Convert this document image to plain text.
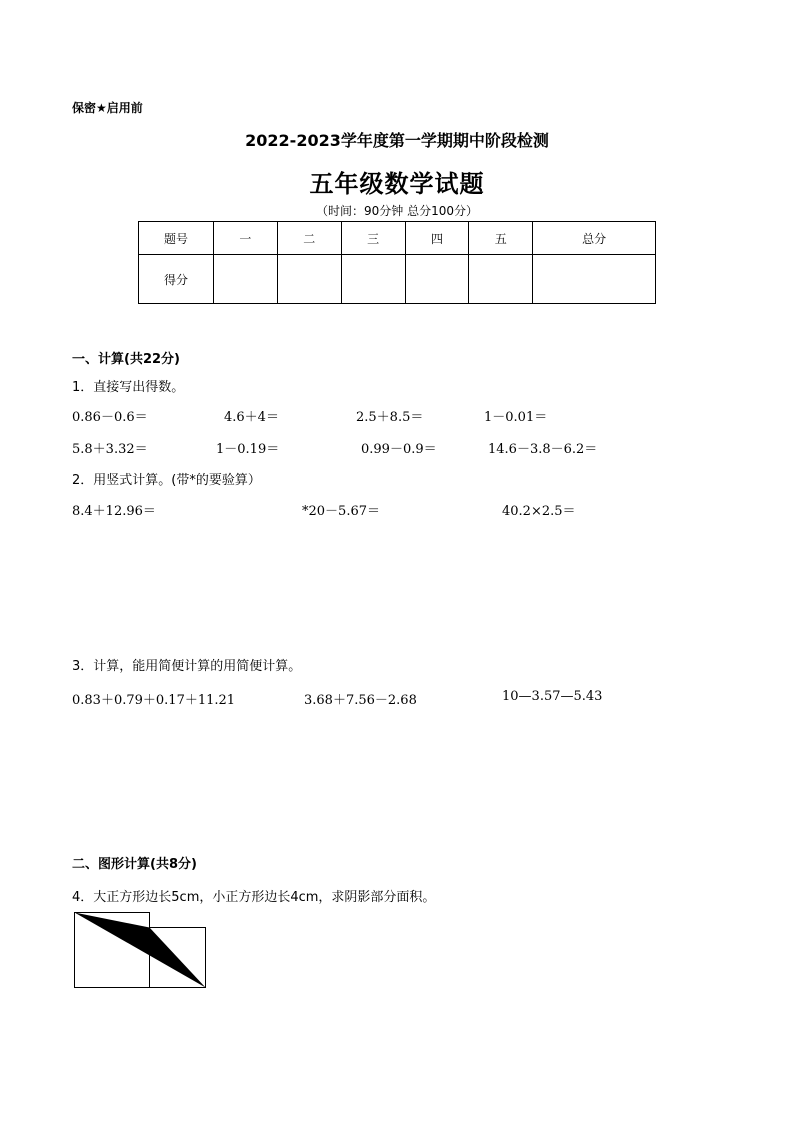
保密★启用前
2022-2023学年度第一学期期中阶段检测
五年级数学试题
（时间：90分钟 总分100分）
题号	一	二	三	四	五	总分
得分						
一、计算(共22分)
1．直接写出得数。
0.86－0.6＝	4.6＋4＝	2.5＋8.5＝	1－0.01＝
5.8＋3.32＝	1－0.19＝	0.99－0.9＝	14.6－3.8－6.2＝
2．用竖式计算。(带*的要验算）
8.4＋12.96＝	*20－5.67＝	40.2×2.5＝
3．计算，能用简便计算的用简便计算。
0.83＋0.79＋0.17＋11.21	3.68＋7.56－2.68	10—3.57—5.43
二、图形计算(共8分)
4．大正方形边长5cm，小正方形边长4cm，求阴影部分面积。
